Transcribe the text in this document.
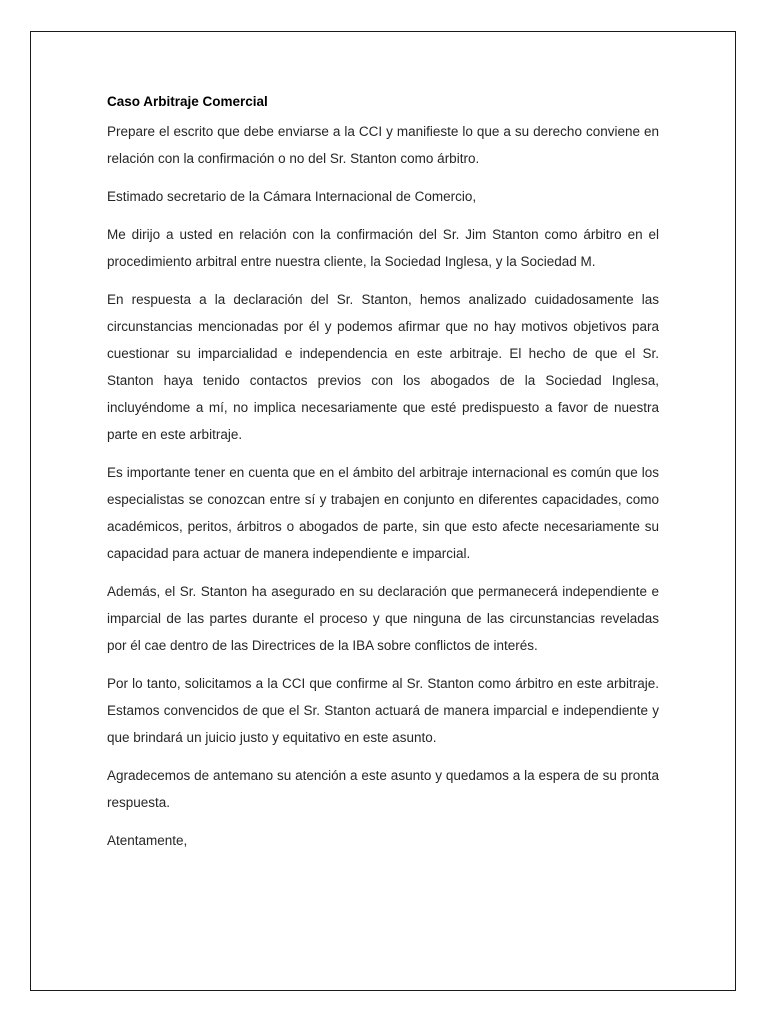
Caso Arbitraje Comercial

Prepare el escrito que debe enviarse a la CCI y manifieste lo que a su derecho conviene en relación con la confirmación o no del Sr. Stanton como árbitro.

Estimado secretario de la Cámara Internacional de Comercio,

Me dirijo a usted en relación con la confirmación del Sr. Jim Stanton como árbitro en el procedimiento arbitral entre nuestra cliente, la Sociedad Inglesa, y la Sociedad M.

En respuesta a la declaración del Sr. Stanton, hemos analizado cuidadosamente las circunstancias mencionadas por él y podemos afirmar que no hay motivos objetivos para cuestionar su imparcialidad e independencia en este arbitraje. El hecho de que el Sr. Stanton haya tenido contactos previos con los abogados de la Sociedad Inglesa, incluyéndome a mí, no implica necesariamente que esté predispuesto a favor de nuestra parte en este arbitraje.

Es importante tener en cuenta que en el ámbito del arbitraje internacional es común que los especialistas se conozcan entre sí y trabajen en conjunto en diferentes capacidades, como académicos, peritos, árbitros o abogados de parte, sin que esto afecte necesariamente su capacidad para actuar de manera independiente e imparcial.

Además, el Sr. Stanton ha asegurado en su declaración que permanecerá independiente e imparcial de las partes durante el proceso y que ninguna de las circunstancias reveladas por él cae dentro de las Directrices de la IBA sobre conflictos de interés.

Por lo tanto, solicitamos a la CCI que confirme al Sr. Stanton como árbitro en este arbitraje. Estamos convencidos de que el Sr. Stanton actuará de manera imparcial e independiente y que brindará un juicio justo y equitativo en este asunto.

Agradecemos de antemano su atención a este asunto y quedamos a la espera de su pronta respuesta.

Atentamente,
